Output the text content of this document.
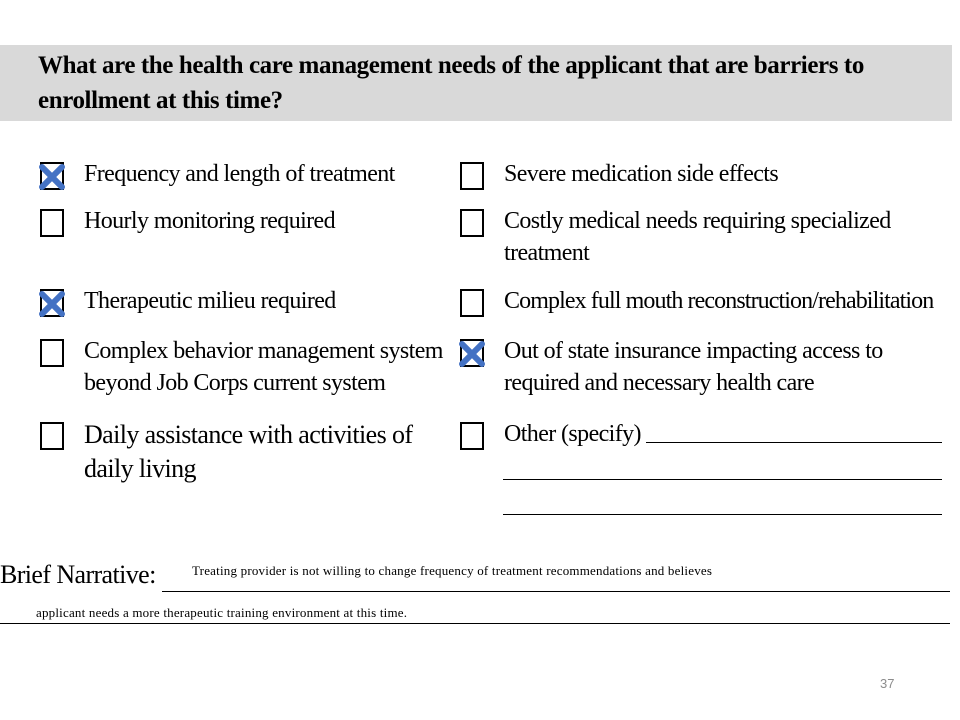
What are the health care management needs of the applicant that are barriers to enrollment at this time?

Frequency and length of treatment
Hourly monitoring required
Therapeutic milieu required
Complex behavior management system beyond Job Corps current system
Daily assistance with activities of daily living
Severe medication side effects
Costly medical needs requiring specialized treatment
Complex full mouth reconstruction/rehabilitation
Out of state insurance impacting access to required and necessary health care
Other (specify)
Brief Narrative:	Treating provider is not willing to change frequency of treatment recommendations and believes
applicant needs a more therapeutic training environment at this time.
37
